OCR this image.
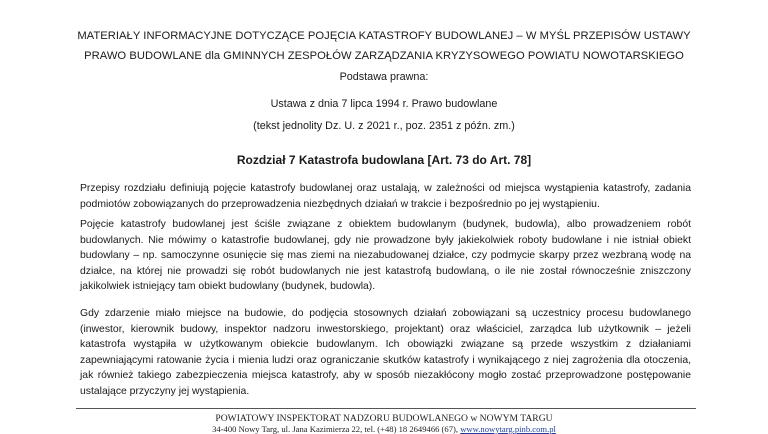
MATERIAŁY INFORMACYJNE DOTYCZĄCE POJĘCIA KATASTROFY BUDOWLANEJ – W MYŚL PRZEPISÓW USTAWY
PRAWO BUDOWLANE dla GMINNYCH ZESPOŁÓW ZARZĄDZANIA KRYZYSOWEGO POWIATU NOWOTARSKIEGO
Podstawa prawna:
Ustawa z dnia 7 lipca 1994 r. Prawo budowlane
(tekst jednolity Dz. U. z 2021 r., poz. 2351 z późn. zm.)
Rozdział 7 Katastrofa budowlana [Art. 73 do Art. 78]

Przepisy rozdziału definiują pojęcie katastrofy budowlanej oraz ustalają, w zależności od miejsca wystąpienia katastrofy, zadania podmiotów zobowiązanych do przeprowadzenia niezbędnych działań w trakcie i bezpośrednio po jej wystąpieniu.

Pojęcie katastrofy budowlanej jest ściśle związane z obiektem budowlanym (budynek, budowla), albo prowadzeniem robót budowlanych. Nie mówimy o katastrofie budowlanej, gdy nie prowadzone były jakiekolwiek roboty budowlane i nie istniał obiekt budowlany – np. samoczynne osunięcie się mas ziemi na niezabudowanej działce, czy podmycie skarpy przez wezbraną wodę na działce, na której nie prowadzi się robót budowlanych nie jest katastrofą budowlaną, o ile nie został równocześnie zniszczony jakikolwiek istniejący tam obiekt budowlany (budynek, budowla).

Gdy zdarzenie miało miejsce na budowie, do podjęcia stosownych działań zobowiązani są uczestnicy procesu budowlanego (inwestor, kierownik budowy, inspektor nadzoru inwestorskiego, projektant) oraz właściciel, zarządca lub użytkownik – jeżeli katastrofa wystąpiła w użytkowanym obiekcie budowlanym. Ich obowiązki związane są przede wszystkim z działaniami zapewniającymi ratowanie życia i mienia ludzi oraz ograniczanie skutków katastrofy i wynikającego z niej zagrożenia dla otoczenia, jak również takiego zabezpieczenia miejsca katastrofy, aby w sposób niezakłócony mogło zostać przeprowadzone postępowanie ustalające przyczyny jej wystąpienia.

POWIATOWY INSPEKTORAT NADZORU BUDOWLANEGO w NOWYM TARGU
34-400 Nowy Targ, ul. Jana Kazimierza 22, tel. (+48) 18 2649466 (67), www.nowytarg.pinb.com.pl
